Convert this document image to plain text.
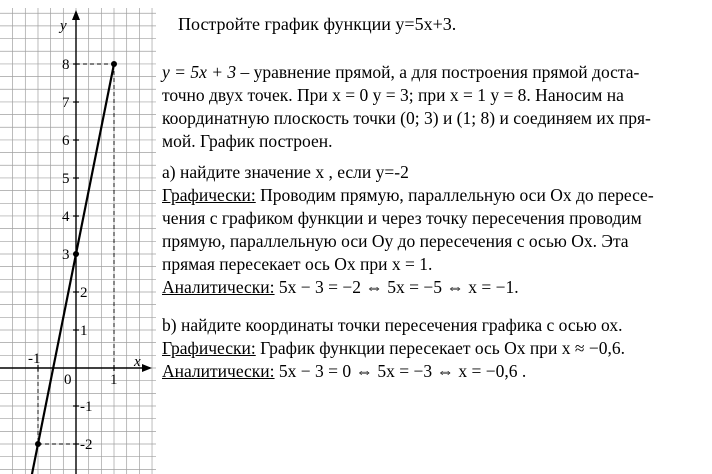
y
x
0
8
7
6
5
4
3
2
1
-1
-2
-1
1
Постройте график функции y=5x+3.
y = 5x + 3 – уравнение прямой, а для построения прямой доста-
точно двух точек. При x = 0 y = 3; при x = 1 y = 8. Наносим на
координатную плоскость точки (0; 3) и (1; 8) и соединяем их пря-
мой. График построен.
а) найдите значение х , если у=-2
Графически: Проводим прямую, параллельную оси Ox до пересе-
чения с графиком функции и через точку пересечения проводим
прямую, параллельную оси Oy до пересечения с осью Ox. Эта
прямая пересекает ось Ox при x = 1.
Аналитически: 5x − 3 = −2 ⇔ 5x = −5 ⇔ x = −1.
b) найдите координаты точки пересечения графика с осью ох.
Графически: График функции пересекает ось Ox при x ≈ −0,6.
Аналитически: 5x − 3 = 0 ⇔ 5x = −3 ⇔ x = −0,6 .
